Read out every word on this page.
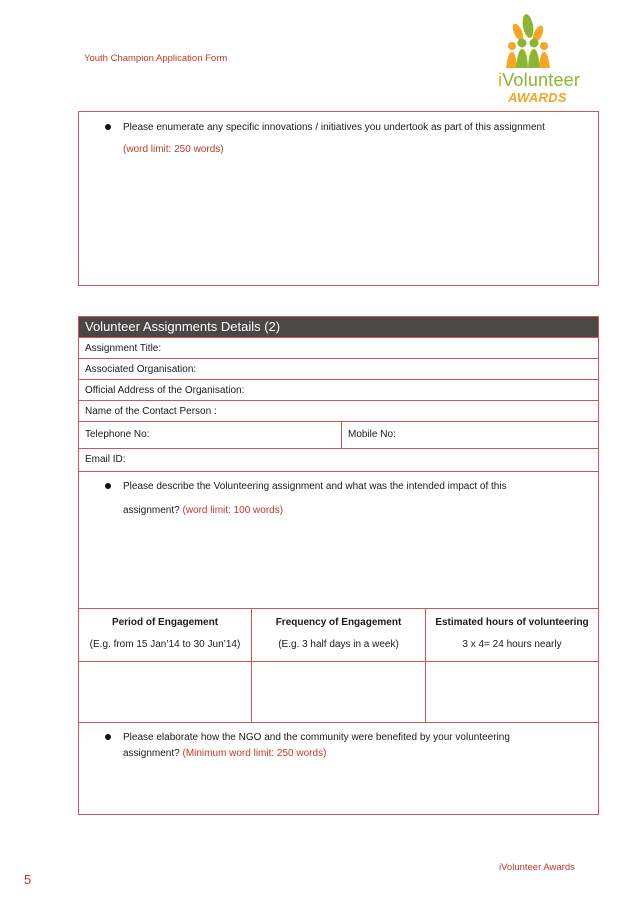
Youth Champion Application Form
iVolunteer
AWARDS
Please enumerate any specific innovations / initiatives you undertook as part of this assignment
(word limit: 250 words)
Volunteer Assignments Details (2)
Assignment Title:
Associated Organisation:
Official Address of the Organisation:
Name of the Contact Person :
Telephone No:	Mobile No:
Email ID:
Please describe the Volunteering assignment and what was the intended impact of this
assignment? (word limit: 100 words)
Period of Engagement
(E.g. from 15 Jan’14 to 30 Jun’14)
Frequency of Engagement
(E.g. 3 half days in a week)
Estimated hours of volunteering
3 x 4= 24 hours nearly
Please elaborate how the NGO and the community were benefited by your volunteering
assignment? (Minimum word limit: 250 words)
iVolunteer Awards
5
